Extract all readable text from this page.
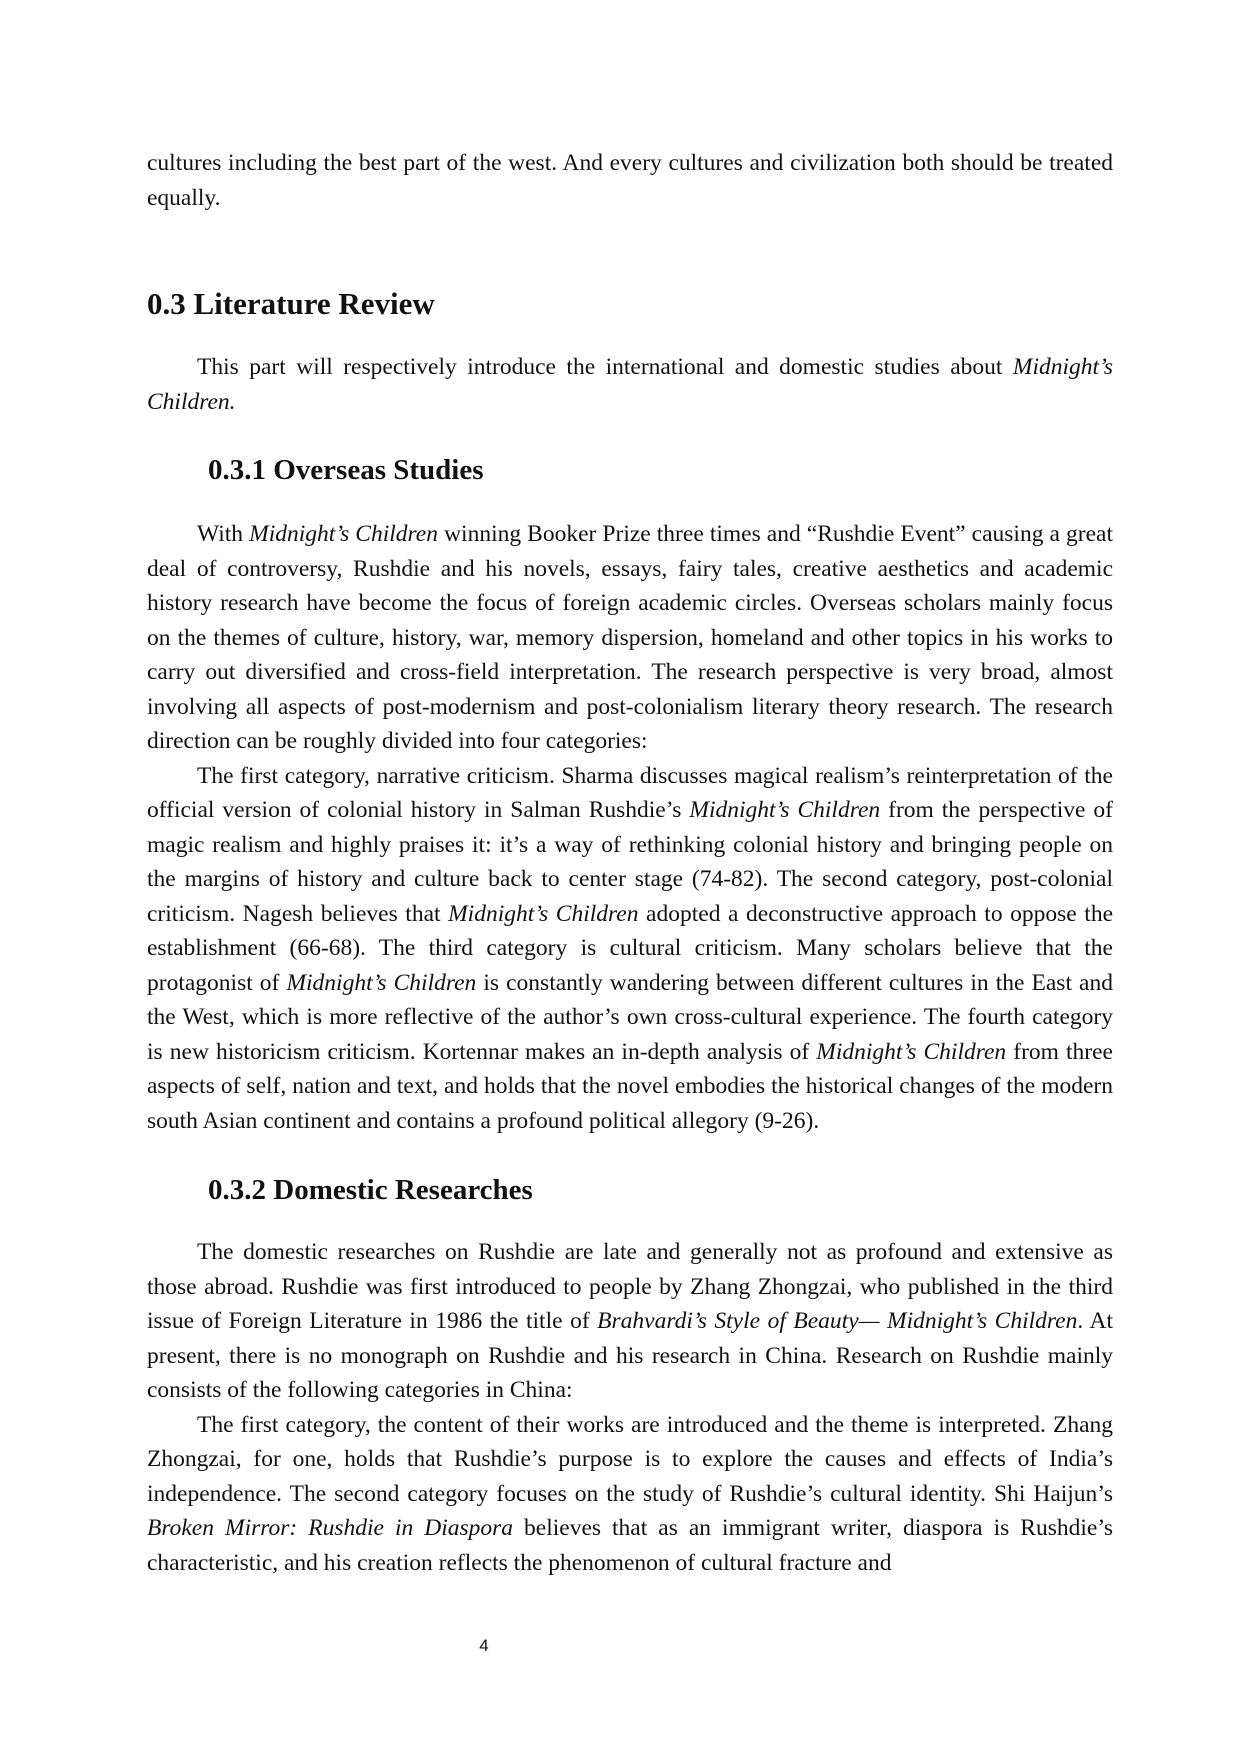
cultures including the best part of the west. And every cultures and civilization both should be treated equally.

0.3 Literature Review

This part will respectively introduce the international and domestic studies about Midnight’s Children.

0.3.1 Overseas Studies

With Midnight’s Children winning Booker Prize three times and “Rushdie Event” causing a great deal of controversy, Rushdie and his novels, essays, fairy tales, creative aesthetics and academic history research have become the focus of foreign academic circles. Overseas scholars mainly focus on the themes of culture, history, war, memory dispersion, homeland and other topics in his works to carry out diversified and cross-field interpretation. The research perspective is very broad, almost involving all aspects of post-modernism and post-colonialism literary theory research. The research direction can be roughly divided into four categories:

The first category, narrative criticism. Sharma discusses magical realism’s reinterpretation of the official version of colonial history in Salman Rushdie’s Midnight’s Children from the perspective of magic realism and highly praises it: it’s a way of rethinking colonial history and bringing people on the margins of history and culture back to center stage (74-82). The second category, post-colonial criticism. Nagesh believes that Midnight’s Children adopted a deconstructive approach to oppose the establishment (66-68). The third category is cultural criticism. Many scholars believe that the protagonist of Midnight’s Children is constantly wandering between different cultures in the East and the West, which is more reflective of the author’s own cross-cultural experience. The fourth category is new historicism criticism. Kortennar makes an in-depth analysis of Midnight’s Children from three aspects of self, nation and text, and holds that the novel embodies the historical changes of the modern south Asian continent and contains a profound political allegory (9-26).

0.3.2 Domestic Researches

The domestic researches on Rushdie are late and generally not as profound and extensive as those abroad. Rushdie was first introduced to people by Zhang Zhongzai, who published in the third issue of Foreign Literature in 1986 the title of Brahvardi’s Style of Beauty— Midnight’s Children. At present, there is no monograph on Rushdie and his research in China. Research on Rushdie mainly consists of the following categories in China:

The first category, the content of their works are introduced and the theme is interpreted. Zhang Zhongzai, for one, holds that Rushdie’s purpose is to explore the causes and effects of India’s independence. The second category focuses on the study of Rushdie’s cultural identity. Shi Haijun’s Broken Mirror: Rushdie in Diaspora believes that as an immigrant writer, diaspora is Rushdie’s characteristic, and his creation reflects the phenomenon of cultural fracture and

4
